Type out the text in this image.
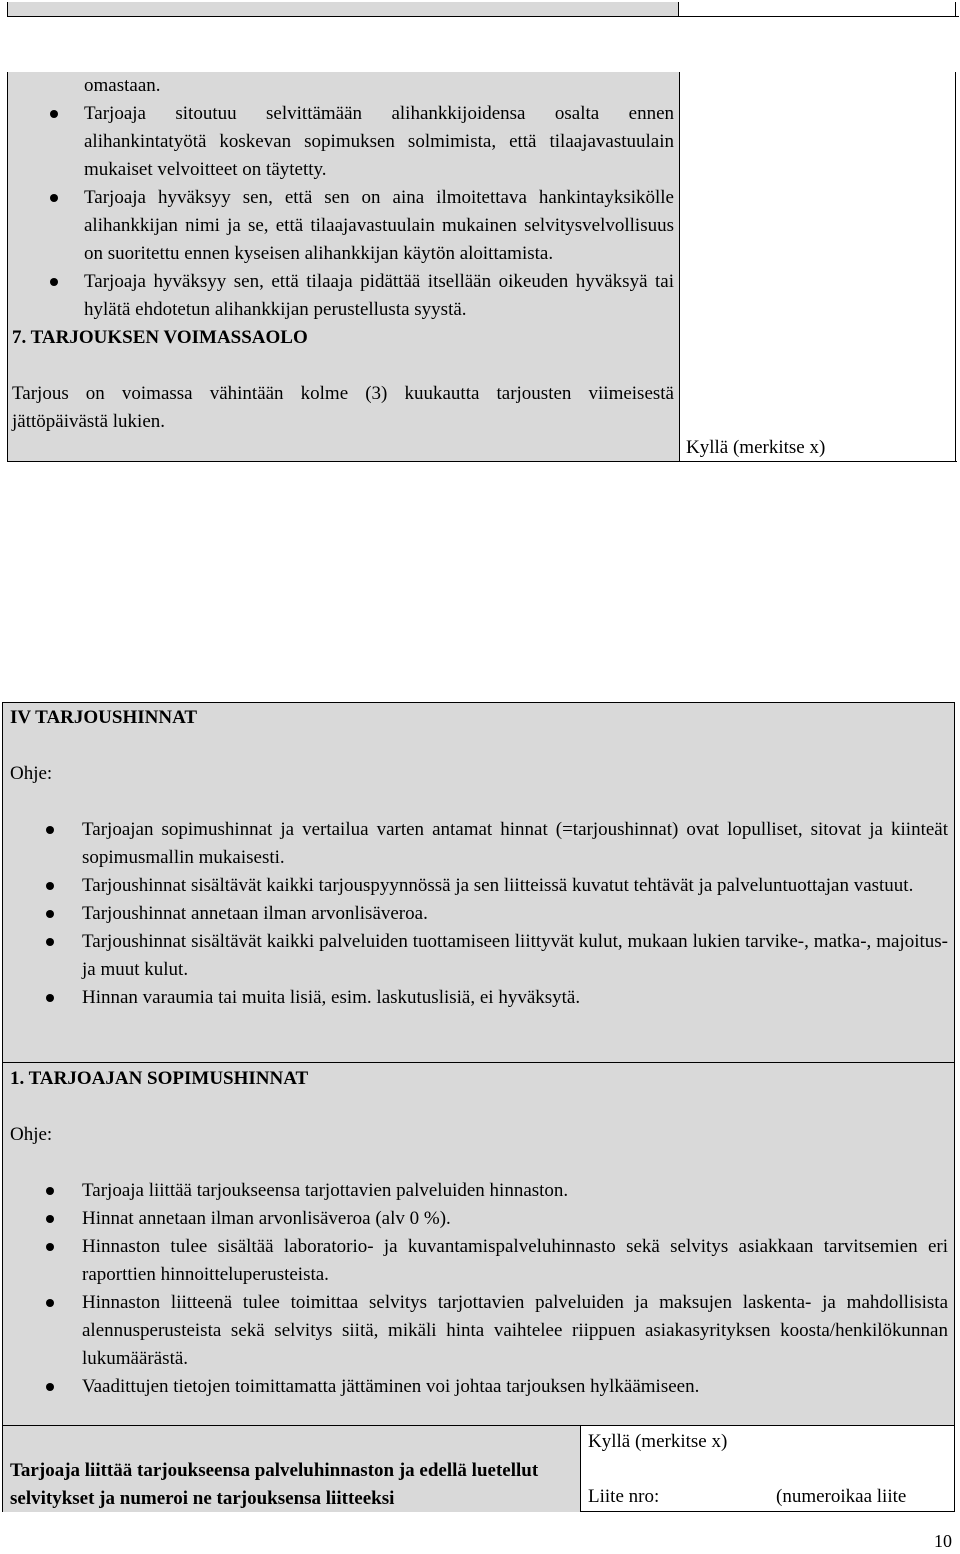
omastaan.
Tarjoaja sitoutuu selvittämään alihankkijoidensa osalta ennen alihankintatyötä koskevan sopimuksen solmimista, että tilaajavastuulain mukaiset velvoitteet on täytetty.
Tarjoaja hyväksyy sen, että sen on aina ilmoitettava hankintayksikölle alihankkijan nimi ja se, että tilaajavastuulain mukainen selvitysvelvollisuus on suoritettu ennen kyseisen alihankkijan käytön aloittamista.
Tarjoaja hyväksyy sen, että tilaaja pidättää itsellään oikeuden hyväksyä tai hylätä ehdotetun alihankkijan perustellusta syystä.
7. TARJOUKSEN VOIMASSAOLO
Tarjous on voimassa vähintään kolme (3) kuukautta tarjousten viimeisestä jättöpäivästä lukien.
Kyllä (merkitse x)
IV TARJOUSHINNAT
Ohje:
Tarjoajan sopimushinnat ja vertailua varten antamat hinnat (=tarjoushinnat) ovat lopulliset, sitovat ja kiinteät sopimusmallin mukaisesti.
Tarjoushinnat sisältävät kaikki tarjouspyynnössä ja sen liitteissä kuvatut tehtävät ja palveluntuottajan vastuut.
Tarjoushinnat annetaan ilman arvonlisäveroa.
Tarjoushinnat sisältävät kaikki palveluiden tuottamiseen liittyvät kulut, mukaan lukien tarvike-, matka-, majoitus- ja muut kulut.
Hinnan varaumia tai muita lisiä, esim. laskutuslisiä, ei hyväksytä.
1. TARJOAJAN SOPIMUSHINNAT
Ohje:
Tarjoaja liittää tarjoukseensa tarjottavien palveluiden hinnaston.
Hinnat annetaan ilman arvonlisäveroa (alv 0 %).
Hinnaston tulee sisältää laboratorio- ja kuvantamispalveluhinnasto sekä selvitys asiakkaan tarvitsemien eri raporttien hinnoitteluperusteista.
Hinnaston liitteenä tulee toimittaa selvitys tarjottavien palveluiden ja maksujen laskenta- ja mahdollisista alennusperusteista sekä selvitys siitä, mikäli hinta vaihtelee riippuen asiakasyrityksen koosta/henkilökunnan lukumäärästä.
Vaadittujen tietojen toimittamatta jättäminen voi johtaa tarjouksen hylkäämiseen.
Tarjoaja liittää tarjoukseensa palveluhinnaston ja edellä luetellut selvitykset ja numeroi ne tarjouksensa liitteeksi
Kyllä (merkitse x)
Liite nro:	(numeroikaa liite
10
